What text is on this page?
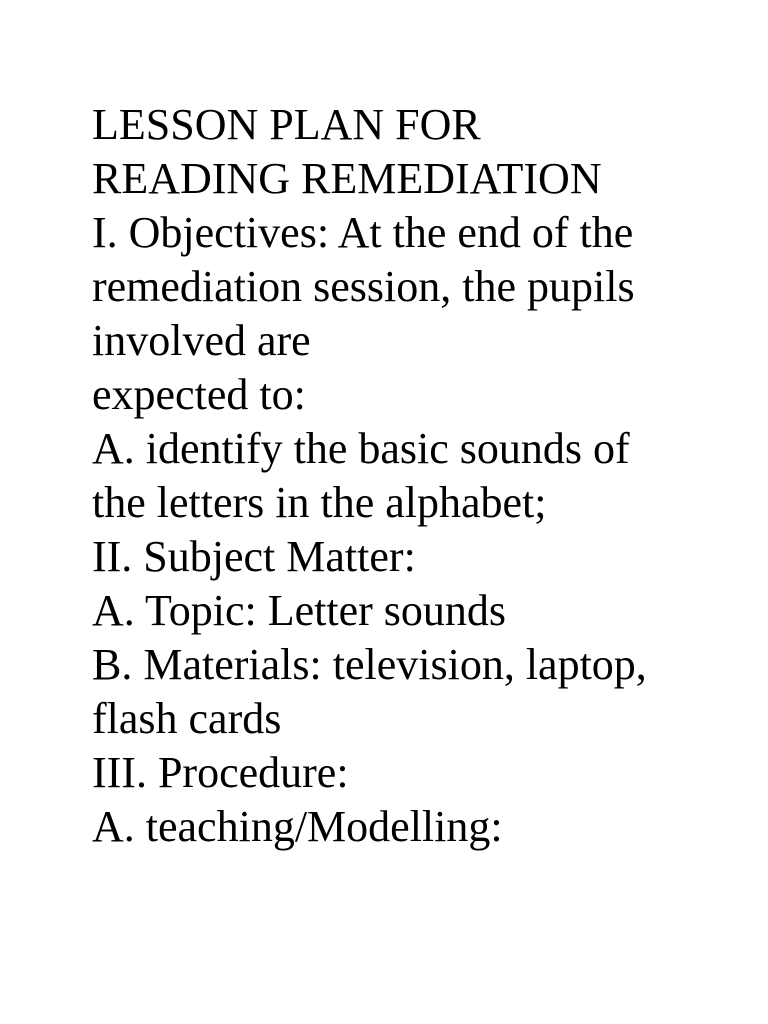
LESSON PLAN FOR
READING REMEDIATION
I. Objectives: At the end of the
remediation session, the pupils
involved are
expected to:
A. identify the basic sounds of
the letters in the alphabet;
II. Subject Matter:
A. Topic: Letter sounds
B. Materials: television, laptop,
flash cards
III. Procedure:
A. teaching/Modelling:
